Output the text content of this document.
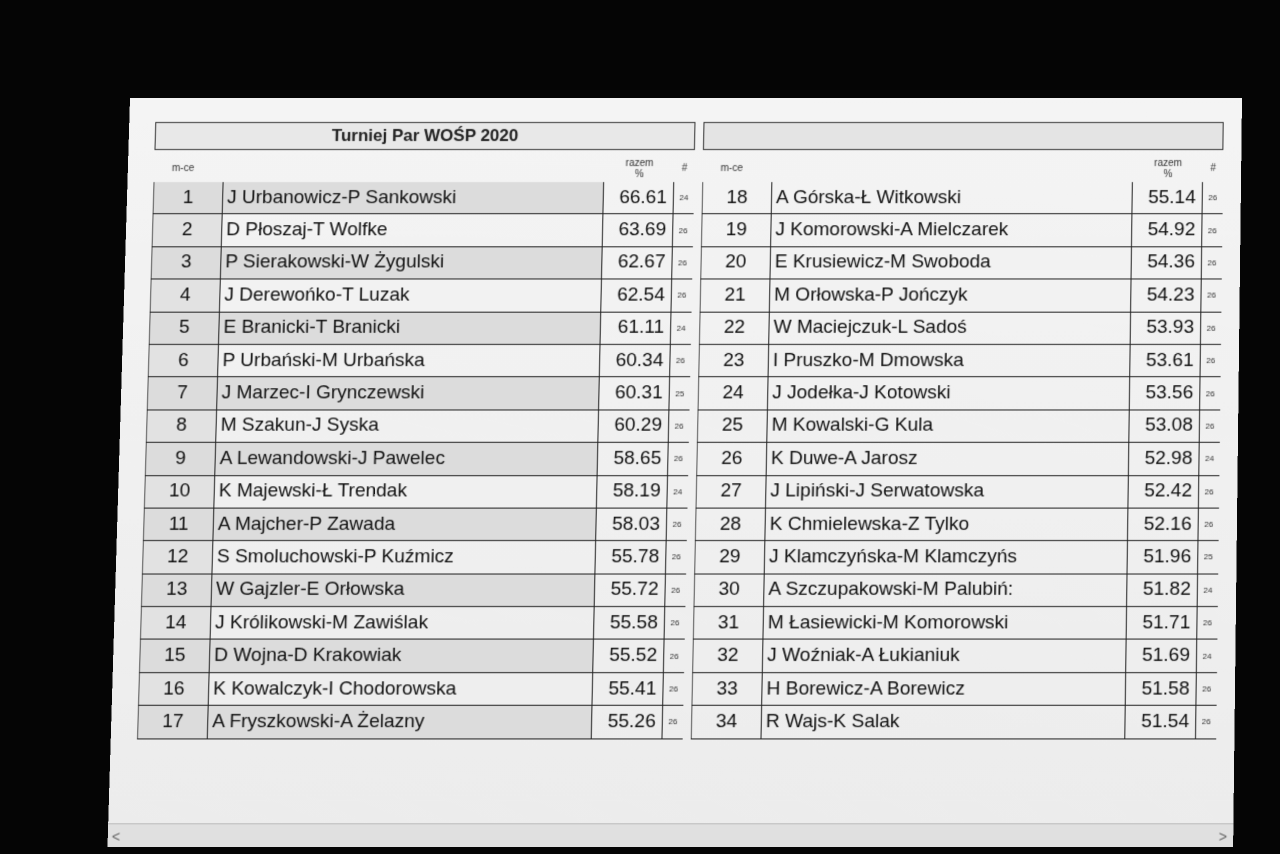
Turniej Par WOŚP 2020
m-ce	razem
%
#
1	J Urbanowicz-P Sankowski	66.61	24
2	D Płoszaj-T Wolfke	63.69	26
3	P Sierakowski-W Żygulski	62.67	26
4	J Derewońko-T Luzak	62.54	26
5	E Branicki-T Branicki	61.11	24
6	P Urbański-M Urbańska	60.34	26
7	J Marzec-I Grynczewski	60.31	25
8	M Szakun-J Syska	60.29	26
9	A Lewandowski-J Pawelec	58.65	26
10	K Majewski-Ł Trendak	58.19	24
11	A Majcher-P Zawada	58.03	26
12	S Smoluchowski-P Kuźmicz	55.78	26
13	W Gajzler-E Orłowska	55.72	26
14	J Królikowski-M Zawiślak	55.58	26
15	D Wojna-D Krakowiak	55.52	26
16	K Kowalczyk-I Chodorowska	55.41	26
17	A Fryszkowski-A Żelazny	55.26	26
m-ce	razem
%
#
18	A Górska-Ł Witkowski	55.14	26
19	J Komorowski-A Mielczarek	54.92	26
20	E Krusiewicz-M Swoboda	54.36	26
21	M Orłowska-P Jończyk	54.23	26
22	W Maciejczuk-L Sadoś	53.93	26
23	I Pruszko-M Dmowska	53.61	26
24	J Jodełka-J Kotowski	53.56	26
25	M Kowalski-G Kula	53.08	26
26	K Duwe-A Jarosz	52.98	24
27	J Lipiński-J Serwatowska	52.42	26
28	K Chmielewska-Z Tylko	52.16	26
29	J Klamczyńska-M Klamczyńs	51.96	25
30	A Szczupakowski-M Palubiń:	51.82	24
31	M Łasiewicki-M Komorowski	51.71	26
32	J Woźniak-A Łukianiuk	51.69	24
33	H Borewicz-A Borewicz	51.58	26
34	R Wajs-K Salak	51.54	26
<	>
